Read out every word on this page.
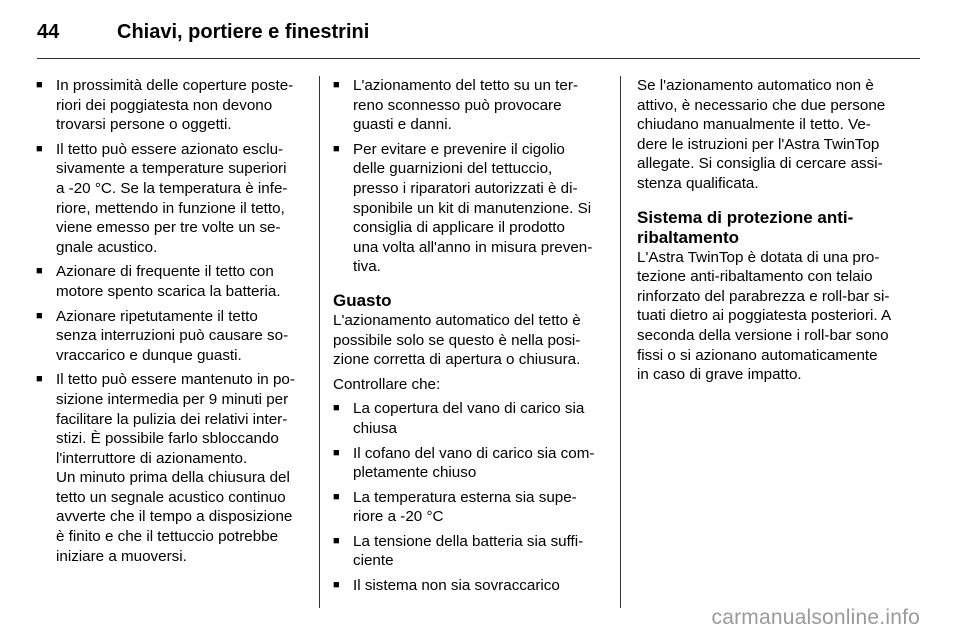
44	Chiavi, portiere e finestrini
■ In prossimità delle coperture poste-
riori dei poggiatesta non devono
trovarsi persone o oggetti.
■ Il tetto può essere azionato esclu-
sivamente a temperature superiori
a -20 °C. Se la temperatura è infe-
riore, mettendo in funzione il tetto,
viene emesso per tre volte un se-
gnale acustico.
■ Azionare di frequente il tetto con
motore spento scarica la batteria.
■ Azionare ripetutamente il tetto
senza interruzioni può causare so-
vraccarico e dunque guasti.
■ Il tetto può essere mantenuto in po-
sizione intermedia per 9 minuti per
facilitare la pulizia dei relativi inter-
stizi. È possibile farlo sbloccando
l'interruttore di azionamento.
Un minuto prima della chiusura del
tetto un segnale acustico continuo
avverte che il tempo a disposizione
è finito e che il tettuccio potrebbe
iniziare a muoversi.
■ L'azionamento del tetto su un ter-
reno sconnesso può provocare
guasti e danni.
■ Per evitare e prevenire il cigolio
delle guarnizioni del tettuccio,
presso i riparatori autorizzati è di-
sponibile un kit di manutenzione. Si
consiglia di applicare il prodotto
una volta all'anno in misura preven-
tiva.
Guasto

L'azionamento automatico del tetto è
possibile solo se questo è nella posi-
zione corretta di apertura o chiusura.

Controllare che:

■ La copertura del vano di carico sia
chiusa
■ Il cofano del vano di carico sia com-
pletamente chiuso
■ La temperatura esterna sia supe-
riore a -20 °C
■ La tensione della batteria sia suffi-
ciente
■ Il sistema non sia sovraccarico

Se l'azionamento automatico non è
attivo, è necessario che due persone
chiudano manualmente il tetto. Ve-
dere le istruzioni per l'Astra TwinTop
allegate. Si consiglia di cercare assi-
stenza qualificata.

Sistema di protezione anti-
ribaltamento

L'Astra TwinTop è dotata di una pro-
tezione anti-ribaltamento con telaio
rinforzato del parabrezza e roll-bar si-
tuati dietro ai poggiatesta posteriori. A
seconda della versione i roll-bar sono
fissi o si azionano automaticamente
in caso di grave impatto.

carmanualsonline.info
